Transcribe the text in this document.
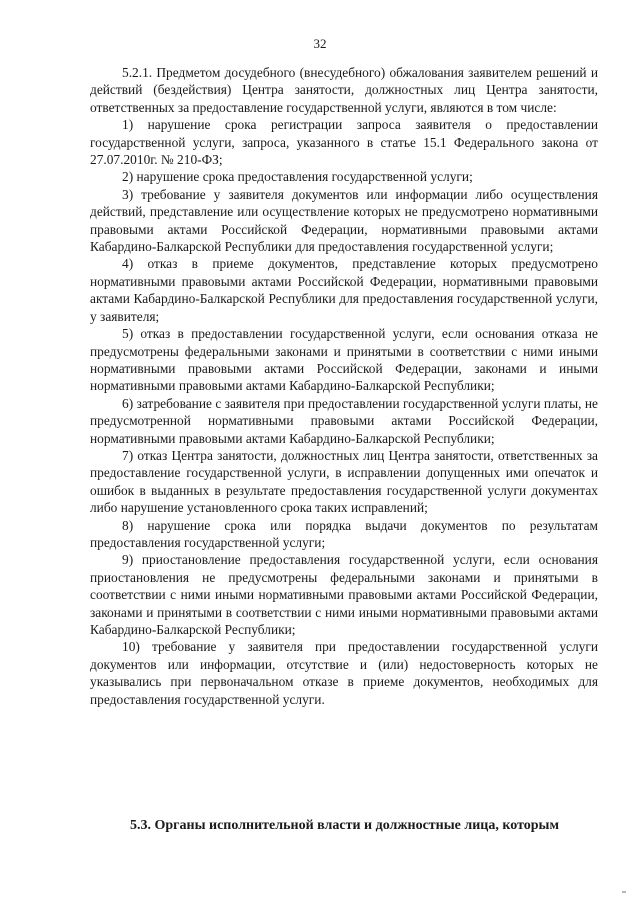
32

5.2.1. Предметом досудебного (внесудебного) обжалования заявителем решений и действий (бездействия) Центра занятости, должностных лиц Центра занятости, ответственных за предоставление государственной услуги, являются в том числе:

1) нарушение срока регистрации запроса заявителя о предоставлении государственной услуги, запроса, указанного в статье 15.1 Федерального закона от 27.07.2010г. № 210-ФЗ;

2) нарушение срока предоставления государственной услуги;

3) требование у заявителя документов или информации либо осуществления действий, представление или осуществление которых не предусмотрено нормативными правовыми актами Российской Федерации, нормативными правовыми актами Кабардино-Балкарской Республики для предоставления государственной услуги;

4) отказ в приеме документов, представление которых предусмотрено нормативными правовыми актами Российской Федерации, нормативными правовыми актами Кабардино-Балкарской Республики для предоставления государственной услуги, у заявителя;

5) отказ в предоставлении государственной услуги, если основания отказа не предусмотрены федеральными законами и принятыми в соответствии с ними иными нормативными правовыми актами Российской Федерации, законами и иными нормативными правовыми актами Кабардино-Балкарской Республики;

6) затребование с заявителя при предоставлении государственной услуги платы, не предусмотренной нормативными правовыми актами Российской Федерации, нормативными правовыми актами Кабардино-Балкарской Республики;

7) отказ Центра занятости, должностных лиц Центра занятости, ответственных за предоставление государственной услуги, в исправлении допущенных ими опечаток и ошибок в выданных в результате предоставления государственной услуги документах либо нарушение установленного срока таких исправлений;

8) нарушение срока или порядка выдачи документов по результатам предоставления государственной услуги;

9) приостановление предоставления государственной услуги, если основания приостановления не предусмотрены федеральными законами и принятыми в соответствии с ними иными нормативными правовыми актами Российской Федерации, законами и принятыми в соответствии с ними иными нормативными правовыми актами Кабардино-Балкарской Республики;

10) требование у заявителя при предоставлении государственной услуги документов или информации, отсутствие и (или) недостоверность которых не указывались при первоначальном отказе в приеме документов, необходимых для предоставления государственной услуги.

5.3. Органы исполнительной власти и должностные лица, которым
